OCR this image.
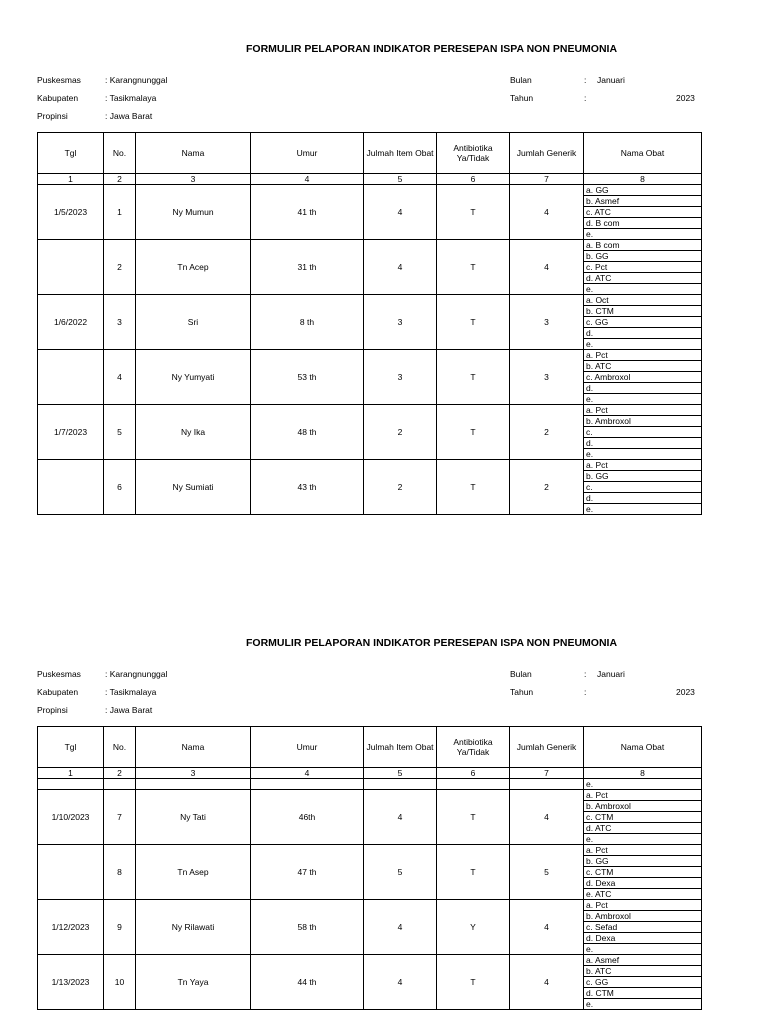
FORMULIR PELAPORAN INDIKATOR PERESEPAN ISPA NON PNEUMONIA
Puskesmas	: Karangnunggal
Kabupaten	: Tasikmalaya
Propinsi	: Jawa Barat
Bulan	: Januari
Tahun	:	2023
Tgl	No.	Nama	Umur	Julmah Item Obat	Antibiotika Ya/Tidak	Jumlah Generik	Nama Obat
1	2	3	4	5	6	7	8
1/5/2023	1	Ny Mumun	41 th	4	T	4	a. GG
							b. Asmef
							c. ATC
							d. B com
							e.
	2	Tn Acep	31 th	4	T	4	a. B com
							b. GG
							c. Pct
							d. ATC
							e.
1/6/2022	3	Sri	8 th	3	T	3	a. Oct
							b. CTM
							c. GG
							d.
							e.
	4	Ny Yumyati	53 th	3	T	3	a. Pct
							b. ATC
							c. Ambroxol
							d.
							e.
1/7/2023	5	Ny Ika	48 th	2	T	2	a. Pct
							b. Ambroxol
							c.
							d.
							e.
	6	Ny Sumiati	43 th	2	T	2	a. Pct
							b. GG
							c.
							d.
							e.
FORMULIR PELAPORAN INDIKATOR PERESEPAN ISPA NON PNEUMONIA
Puskesmas	: Karangnunggal
Kabupaten	: Tasikmalaya
Propinsi	: Jawa Barat
Bulan	: Januari
Tahun	:	2023
Tgl	No.	Nama	Umur	Julmah Item Obat	Antibiotika Ya/Tidak	Jumlah Generik	Nama Obat
1	2	3	4	5	6	7	8
							e.
1/10/2023	7	Ny Tati	46th	4	T	4	a. Pct
							b. Ambroxol
							c. CTM
							d. ATC
							e.
	8	Tn Asep	47 th	5	T	5	a. Pct
							b. GG
							c. CTM
							d. Dexa
							e. ATC
1/12/2023	9	Ny Rilawati	58 th	4	Y	4	a. Pct
							b. Ambroxol
							c. Sefad
							d. Dexa
							e.
1/13/2023	10	Tn Yaya	44 th	4	T	4	a. Asmef
							b. ATC
							c. GG
							d. CTM
							e.
